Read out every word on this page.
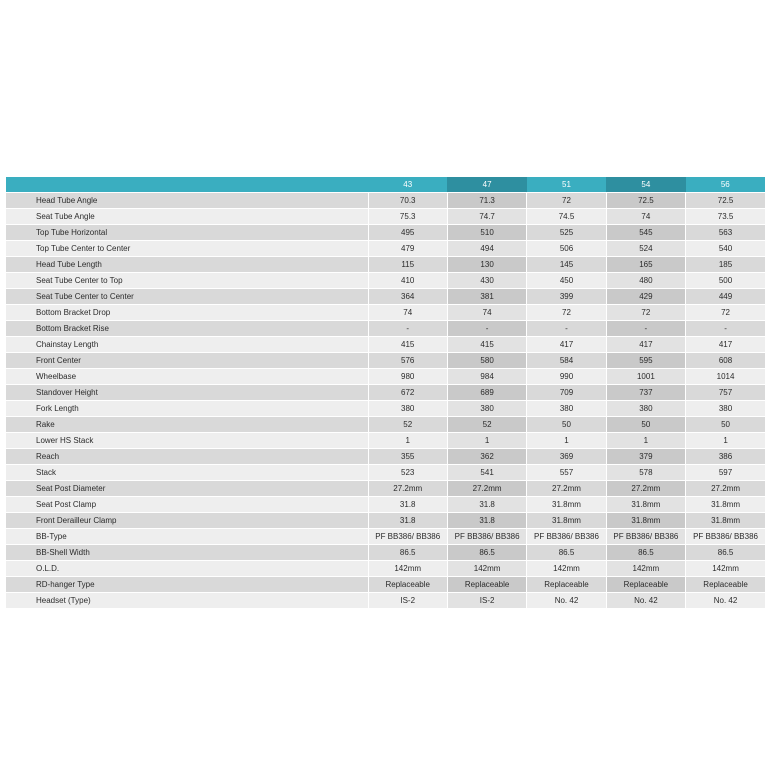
	43	47	51	54	56
Head Tube Angle	70.3	71.3	72	72.5	72.5
Seat Tube Angle	75.3	74.7	74.5	74	73.5
Top Tube Horizontal	495	510	525	545	563
Top Tube Center to Center	479	494	506	524	540
Head Tube Length	115	130	145	165	185
Seat Tube Center to Top	410	430	450	480	500
Seat Tube Center to Center	364	381	399	429	449
Bottom Bracket Drop	74	74	72	72	72
Bottom Bracket Rise	-	-	-	-	-
Chainstay Length	415	415	417	417	417
Front Center	576	580	584	595	608
Wheelbase	980	984	990	1001	1014
Standover Height	672	689	709	737	757
Fork Length	380	380	380	380	380
Rake	52	52	50	50	50
Lower HS Stack	1	1	1	1	1
Reach	355	362	369	379	386
Stack	523	541	557	578	597
Seat Post Diameter	27.2mm	27.2mm	27.2mm	27.2mm	27.2mm
Seat Post Clamp	31.8	31.8	31.8mm	31.8mm	31.8mm
Front Derailleur Clamp	31.8	31.8	31.8mm	31.8mm	31.8mm
BB-Type	PF BB386/ BB386	PF BB386/ BB386	PF BB386/ BB386	PF BB386/ BB386	PF BB386/ BB386
BB-Shell Width	86.5	86.5	86.5	86.5	86.5
O.L.D.	142mm	142mm	142mm	142mm	142mm
RD-hanger Type	Replaceable	Replaceable	Replaceable	Replaceable	Replaceable
Headset (Type)	IS-2	IS-2	No. 42	No. 42	No. 42
